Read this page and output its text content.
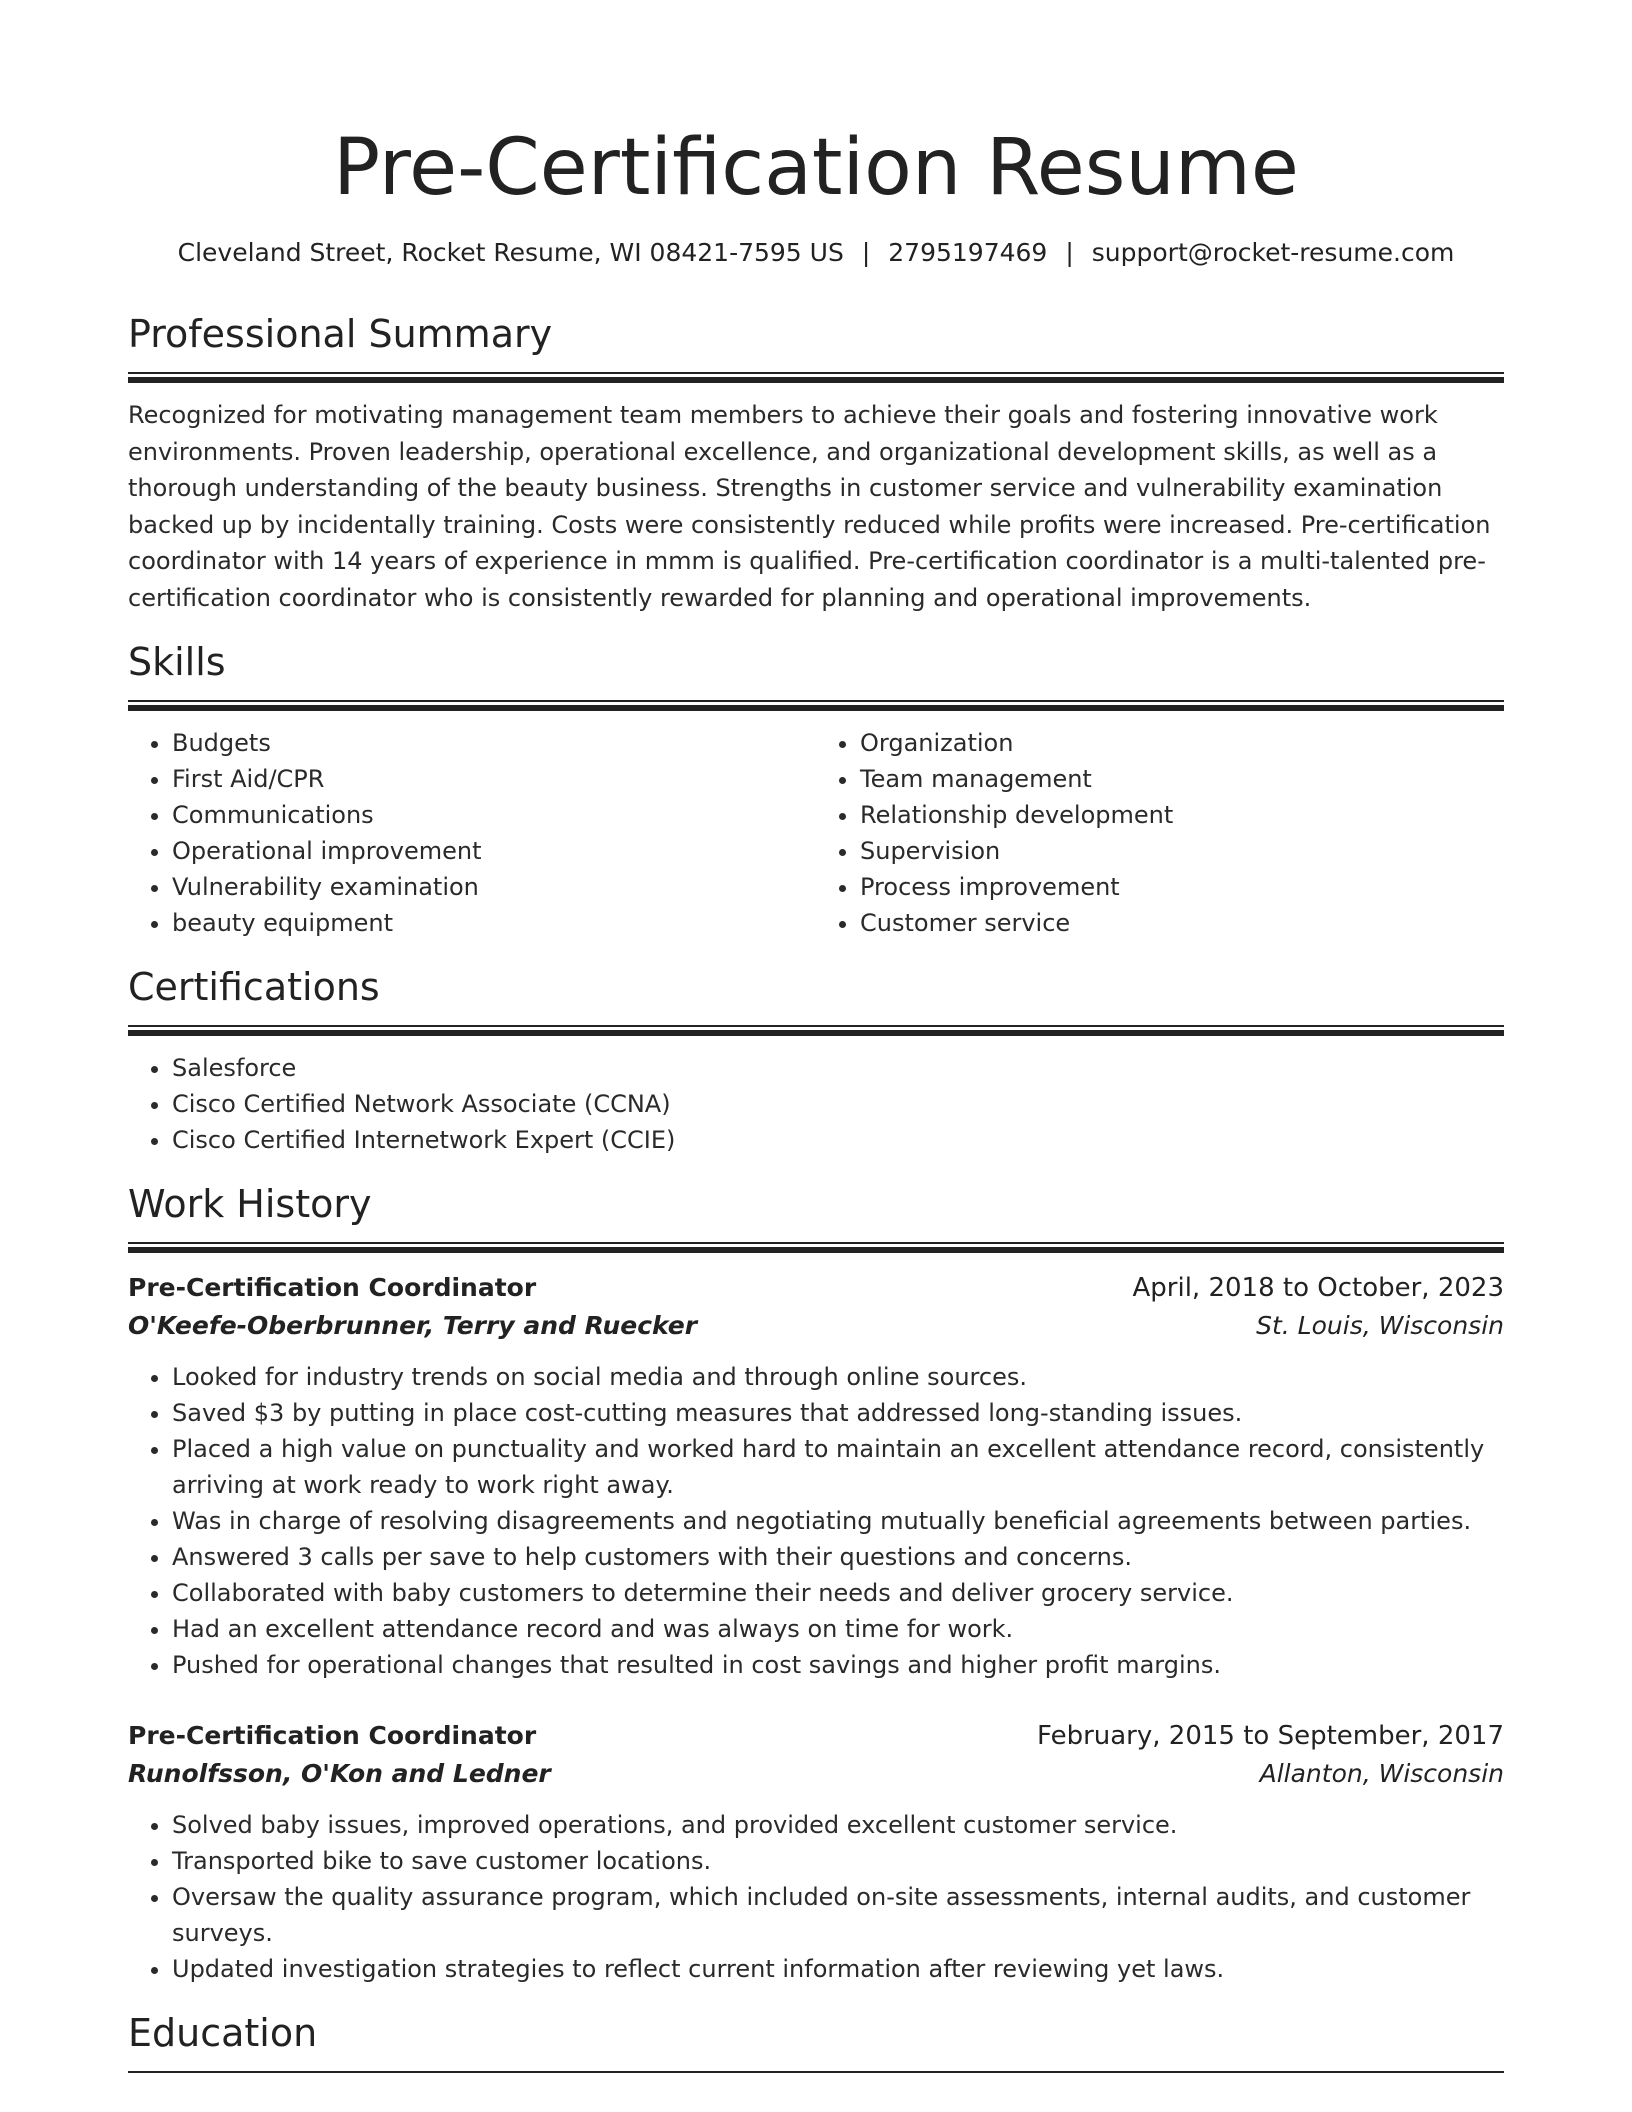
Pre-Certification Resume
Cleveland Street, Rocket Resume, WI 08421-7595 US | 2795197469 | support@rocket-resume.com
Professional Summary
Recognized for motivating management team members to achieve their goals and fostering innovative work environments. Proven leadership, operational excellence, and organizational development skills, as well as a thorough understanding of the beauty business. Strengths in customer service and vulnerability examination backed up by incidentally training. Costs were consistently reduced while profits were increased. Pre-certification coordinator with 14 years of experience in mmm is qualified. Pre-certification coordinator is a multi-talented pre-certification coordinator who is consistently rewarded for planning and operational improvements.
Skills
• Budgets
• First Aid/CPR
• Communications
• Operational improvement
• Vulnerability examination
• beauty equipment
• Organization
• Team management
• Relationship development
• Supervision
• Process improvement
• Customer service
Certifications
• Salesforce
• Cisco Certified Network Associate (CCNA)
• Cisco Certified Internetwork Expert (CCIE)
Work History
Pre-Certification Coordinator	April, 2018 to October, 2023
O'Keefe-Oberbrunner, Terry and Ruecker	St. Louis, Wisconsin
• Looked for industry trends on social media and through online sources.
• Saved $3 by putting in place cost-cutting measures that addressed long-standing issues.
• Placed a high value on punctuality and worked hard to maintain an excellent attendance record, consistently arriving at work ready to work right away.
• Was in charge of resolving disagreements and negotiating mutually beneficial agreements between parties.
• Answered 3 calls per save to help customers with their questions and concerns.
• Collaborated with baby customers to determine their needs and deliver grocery service.
• Had an excellent attendance record and was always on time for work.
• Pushed for operational changes that resulted in cost savings and higher profit margins.
Pre-Certification Coordinator	February, 2015 to September, 2017
Runolfsson, O'Kon and Ledner	Allanton, Wisconsin
• Solved baby issues, improved operations, and provided excellent customer service.
• Transported bike to save customer locations.
• Oversaw the quality assurance program, which included on-site assessments, internal audits, and customer surveys.
• Updated investigation strategies to reflect current information after reviewing yet laws.
Education
